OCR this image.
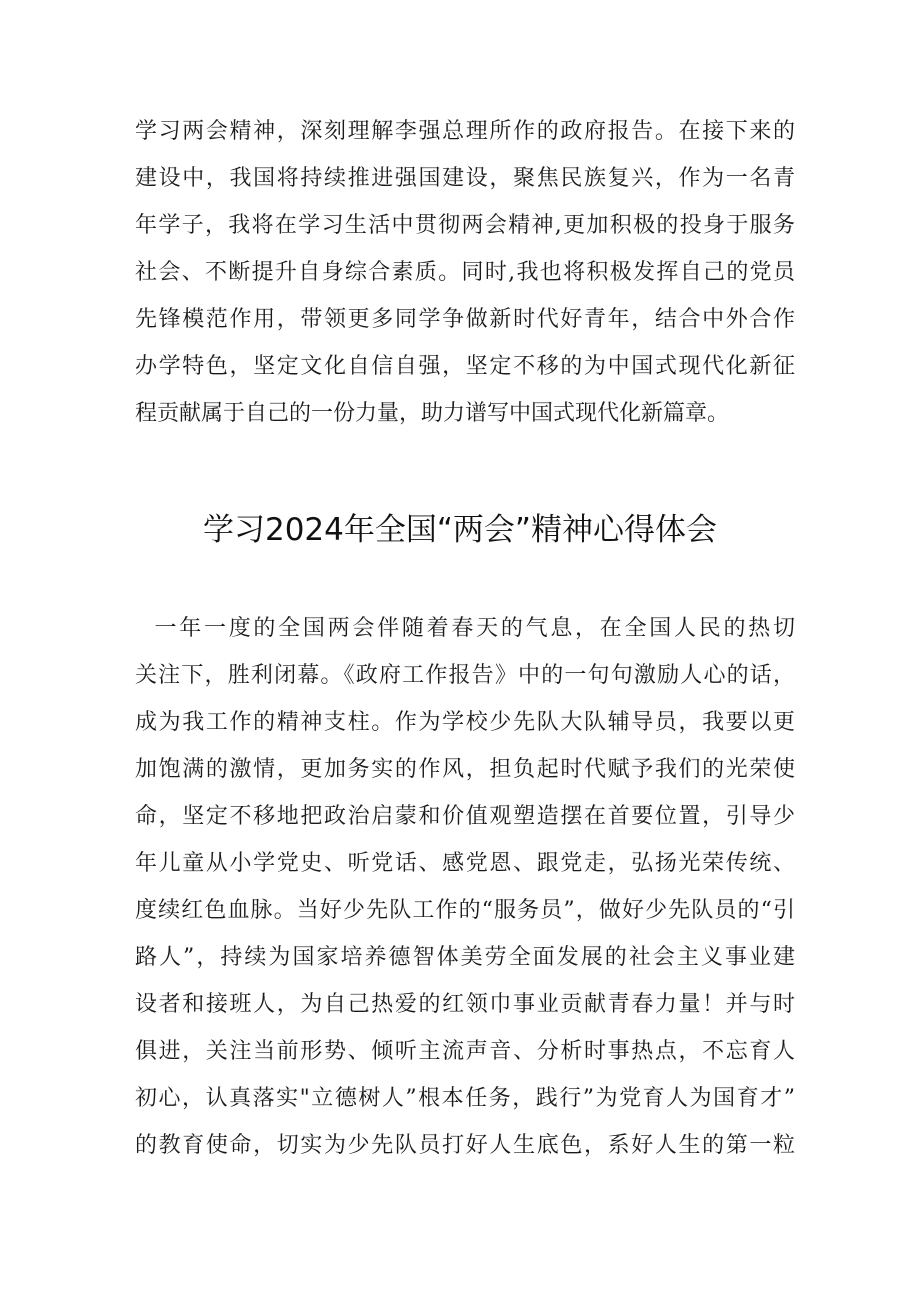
学习两会精神，深刻理解李强总理所作的政府报告。在接下来的
建设中，我国将持续推进强国建设，聚焦民族复兴，作为一名青
年学子，我将在学习生活中贯彻两会精神,更加积极的投身于服务
社会、不断提升自身综合素质。同时,我也将积极发挥自己的党员
先锋模范作用，带领更多同学争做新时代好青年，结合中外合作
办学特色，坚定文化自信自强，坚定不移的为中国式现代化新征
程贡献属于自己的一份力量，助力谱写中国式现代化新篇章。
学习2024年全国“两会”精神心得体会
一年一度的全国两会伴随着春天的气息，在全国人民的热切
关注下，胜利闭幕。《政府工作报告》中的一句句激励人心的话，
成为我工作的精神支柱。作为学校少先队大队辅导员，我要以更
加饱满的激情，更加务实的作风，担负起时代赋予我们的光荣使
命，坚定不移地把政治启蒙和价值观塑造摆在首要位置，引导少
年儿童从小学党史、听党话、感党恩、跟党走，弘扬光荣传统、
度续红色血脉。当好少先队工作的“服务员”，做好少先队员的“引
路人”，持续为国家培养德智体美劳全面发展的社会主义事业建
设者和接班人，为自己热爱的红领巾事业贡献青春力量！并与时
俱进，关注当前形势、倾听主流声音、分析时事热点，不忘育人
初心，认真落实"立德树人”根本任务，践行”为党育人为国育才”
的教育使命，切实为少先队员打好人生底色，系好人生的第一粒
